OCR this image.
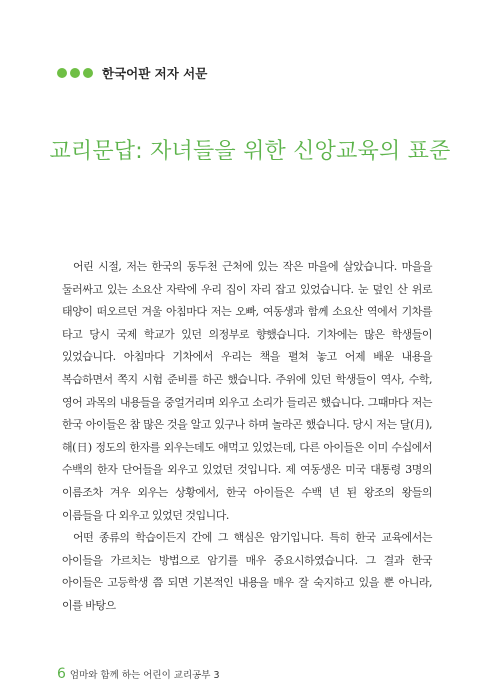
한국어판 저자 서문
교리문답: 자녀들을 위한 신앙교육의 표준

어린 시절, 저는 한국의 동두천 근처에 있는 작은 마을에 살았습니다. 마을을 둘러싸고 있는 소요산 자락에 우리 집이 자리 잡고 있었습니다. 눈 덮인 산 위로 태양이 떠오르던 겨울 아침마다 저는 오빠, 여동생과 함께 소요산 역에서 기차를 타고 당시 국제 학교가 있던 의정부로 향했습니다. 기차에는 많은 학생들이 있었습니다. 아침마다 기차에서 우리는 책을 펼쳐 놓고 어제 배운 내용을 복습하면서 쪽지 시험 준비를 하곤 했습니다. 주위에 있던 학생들이 역사, 수학, 영어 과목의 내용들을 중얼거리며 외우고 소리가 들리곤 했습니다. 그때마다 저는 한국 아이들은 참 많은 것을 알고 있구나 하며 놀라곤 했습니다. 당시 저는 달(月), 해(日) 정도의 한자를 외우는데도 애먹고 있었는데, 다른 아이들은 이미 수십에서 수백의 한자 단어들을 외우고 있었던 것입니다. 제 여동생은 미국 대통령 3명의 이름조차 겨우 외우는 상황에서, 한국 아이들은 수백 년 된 왕조의 왕들의 이름들을 다 외우고 있었던 것입니다.

어떤 종류의 학습이든지 간에 그 핵심은 암기입니다. 특히 한국 교육에서는 아이들을 가르치는 방법으로 암기를 매우 중요시하였습니다. 그 결과 한국 아이들은 고등학생 쯤 되면 기본적인 내용을 매우 잘 숙지하고 있을 뿐 아니라, 이를 바탕으

6 엄마와 함께 하는 어린이 교리공부 3
